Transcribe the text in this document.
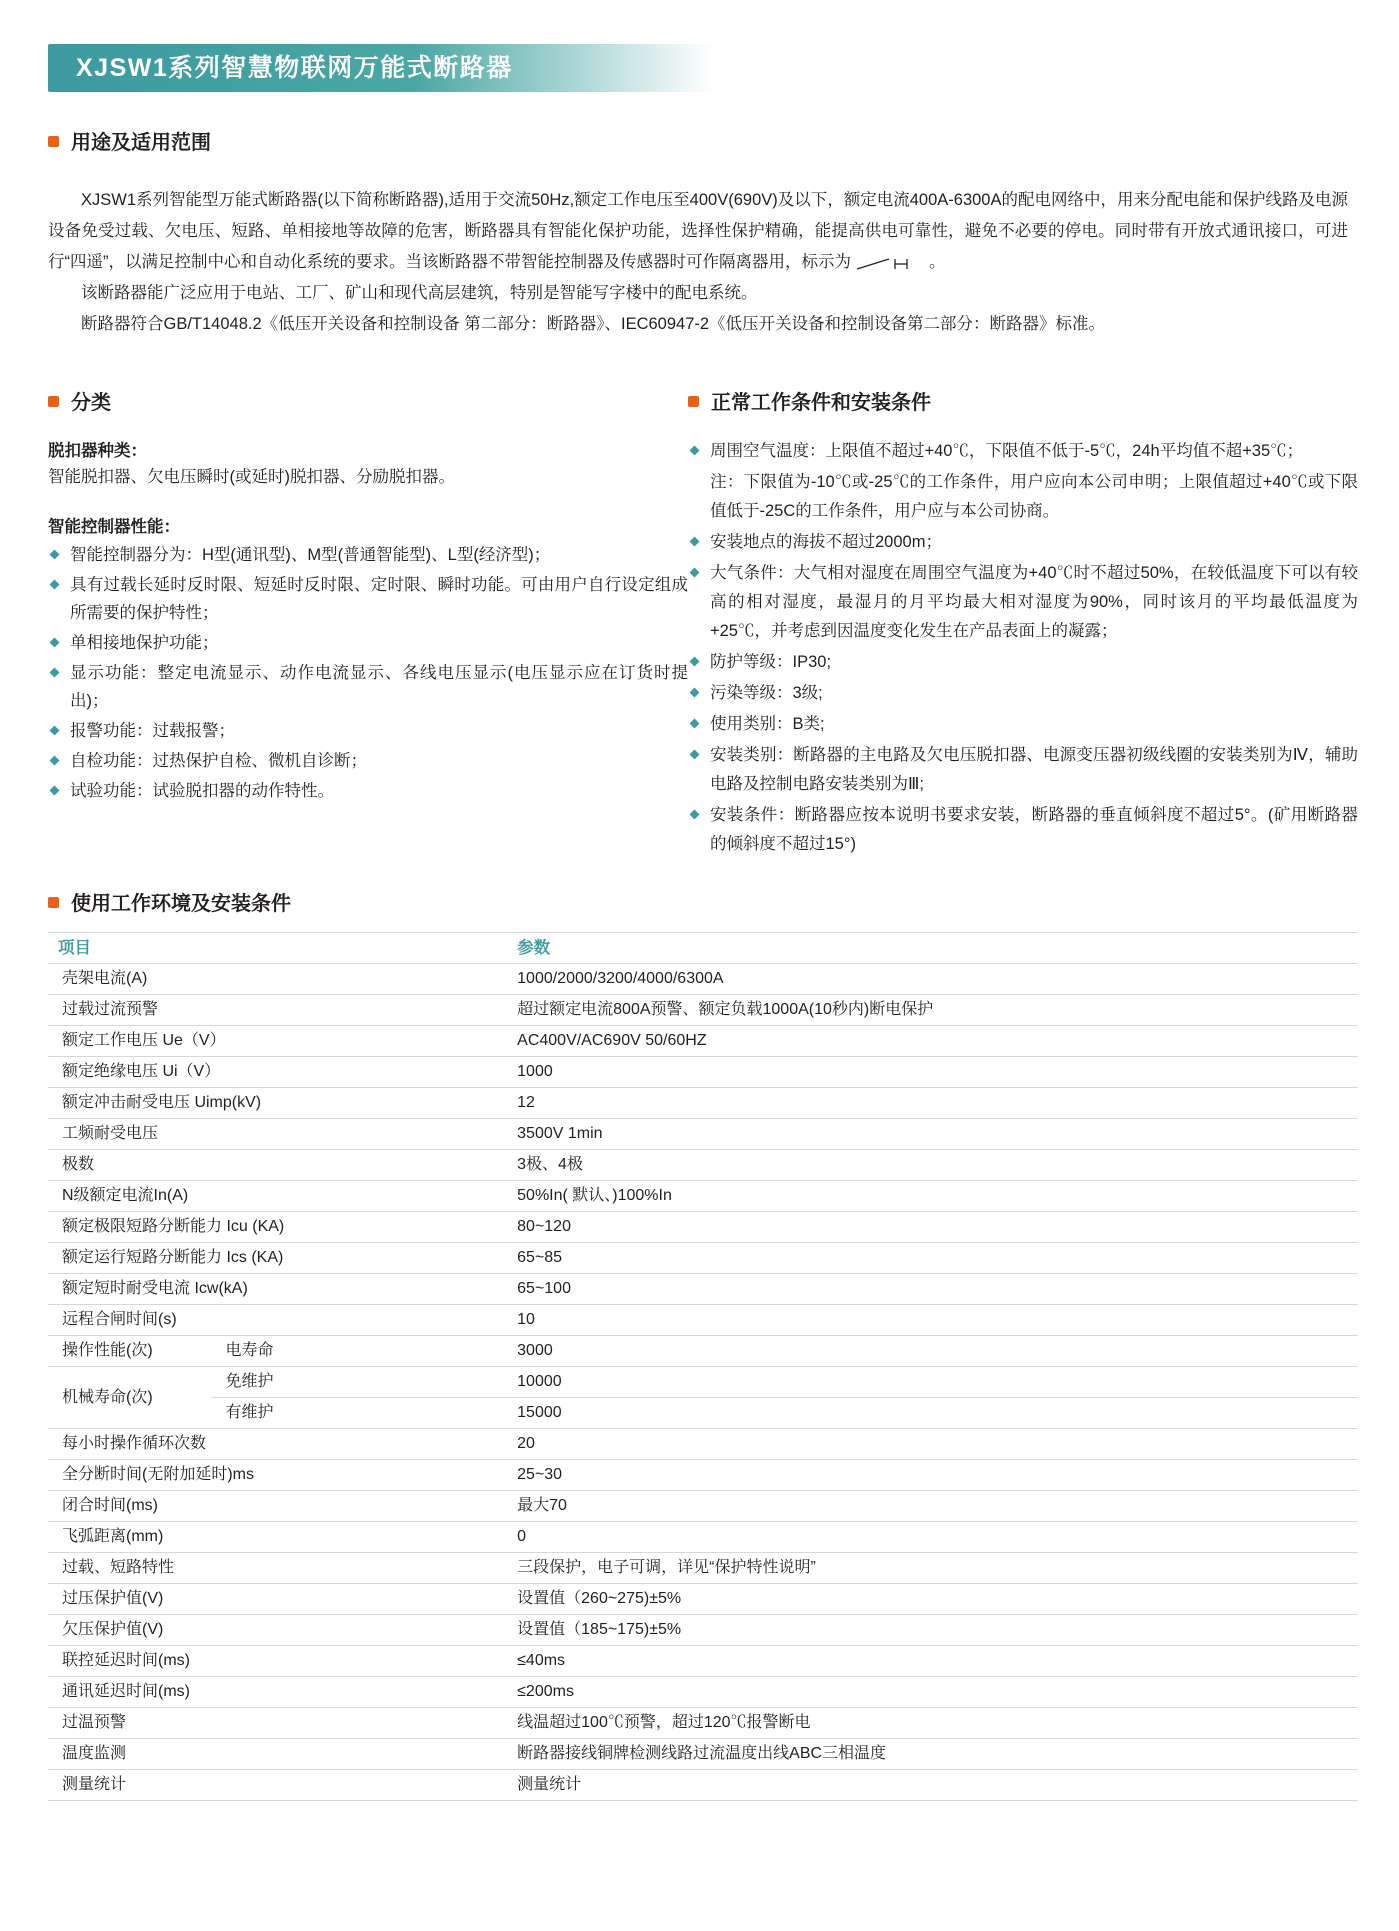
XJSW1系列智慧物联网万能式断路器
用途及适用范围

XJSW1系列智能型万能式断路器(以下简称断路器),适用于交流50Hz,额定工作电压至400V(690V)及以下，额定电流400A-6300A的配电网络中，用来分配电能和保护线路及电源设备免受过载、欠电压、短路、单相接地等故障的危害，断路器具有智能化保护功能，选择性保护精确，能提高供电可靠性，避免不必要的停电。同时带有开放式通讯接口，可进行“四遥”，以满足控制中心和自动化系统的要求。当该断路器不带智能控制器及传感器时可作隔离器用，标示为	。

该断路器能广泛应用于电站、工厂、矿山和现代高层建筑，特别是智能写字楼中的配电系统。

断路器符合GB/T14048.2《低压开关设备和控制设备 第二部分：断路器》、IEC60947-2《低压开关设备和控制设备第二部分：断路器》标准。

分类
脱扣器种类：
智能脱扣器、欠电压瞬时(或延时)脱扣器、分励脱扣器。
智能控制器性能：
智能控制器分为：H型(通讯型)、M型(普通智能型)、L型(经济型)；
具有过载长延时反时限、短延时反时限、定时限、瞬时功能。可由用户自行设定组成所需要的保护特性；
单相接地保护功能；
显示功能：整定电流显示、动作电流显示、各线电压显示(电压显示应在订货时提出)；
报警功能：过载报警；
自检功能：过热保护自检、微机自诊断；
试验功能：试验脱扣器的动作特性。
正常工作条件和安装条件
周围空气温度：上限值不超过+40℃，下限值不低于-5℃，24h平均值不超+35℃；
注：下限值为-10℃或-25℃的工作条件，用户应向本公司申明；上限值超过+40℃或下限值低于-25C的工作条件，用户应与本公司协商。
安装地点的海拔不超过2000m；
大气条件：大气相对湿度在周围空气温度为+40℃时不超过50%，在较低温度下可以有较高的相对湿度，最湿月的月平均最大相对湿度为90%，同时该月的平均最低温度为+25℃，并考虑到因温度变化发生在产品表面上的凝露；
防护等级：IP30;
污染等级：3级;
使用类别：B类;
安装类别：断路器的主电路及欠电压脱扣器、电源变压器初级线圈的安装类别为Ⅳ，辅助电路及控制电路安装类别为Ⅲ;
安装条件：断路器应按本说明书要求安装，断路器的垂直倾斜度不超过5°。(矿用断路器的倾斜度不超过15°)
使用工作环境及安装条件
项目		参数
壳架电流(A)		1000/2000/3200/4000/6300A
过载过流预警		超过额定电流800A预警、额定负载1000A(10秒内)断电保护
额定工作电压 Ue（V）		AC400V/AC690V 50/60HZ
额定绝缘电压 Ui（V）		1000
额定冲击耐受电压 Uimp(kV)		12
工频耐受电压		3500V 1min
极数		3极、4极
N级额定电流In(A)		50%In( 默认、)100%In
额定极限短路分断能力 Icu (KA)		80~120
额定运行短路分断能力 Ics (KA)		65~85
额定短时耐受电流 Icw(kA)		65~100
远程合闸时间(s)		10
操作性能(次)	电寿命	3000
机械寿命(次)	免维护	10000
	有维护	15000
每小时操作循环次数		20
全分断时间(无附加延时)ms		25~30
闭合时间(ms)		最大70
飞弧距离(mm)		0
过载、短路特性		三段保护，电子可调，详见“保护特性说明”
过压保护值(V)		设置值（260~275)±5%
欠压保护值(V)		设置值（185~175)±5%
联控延迟时间(ms)		≤40ms
通讯延迟时间(ms)		≤200ms
过温预警		线温超过100℃预警，超过120℃报警断电
温度监测		断路器接线铜牌检测线路过流温度出线ABC三相温度
测量统计		测量统计
